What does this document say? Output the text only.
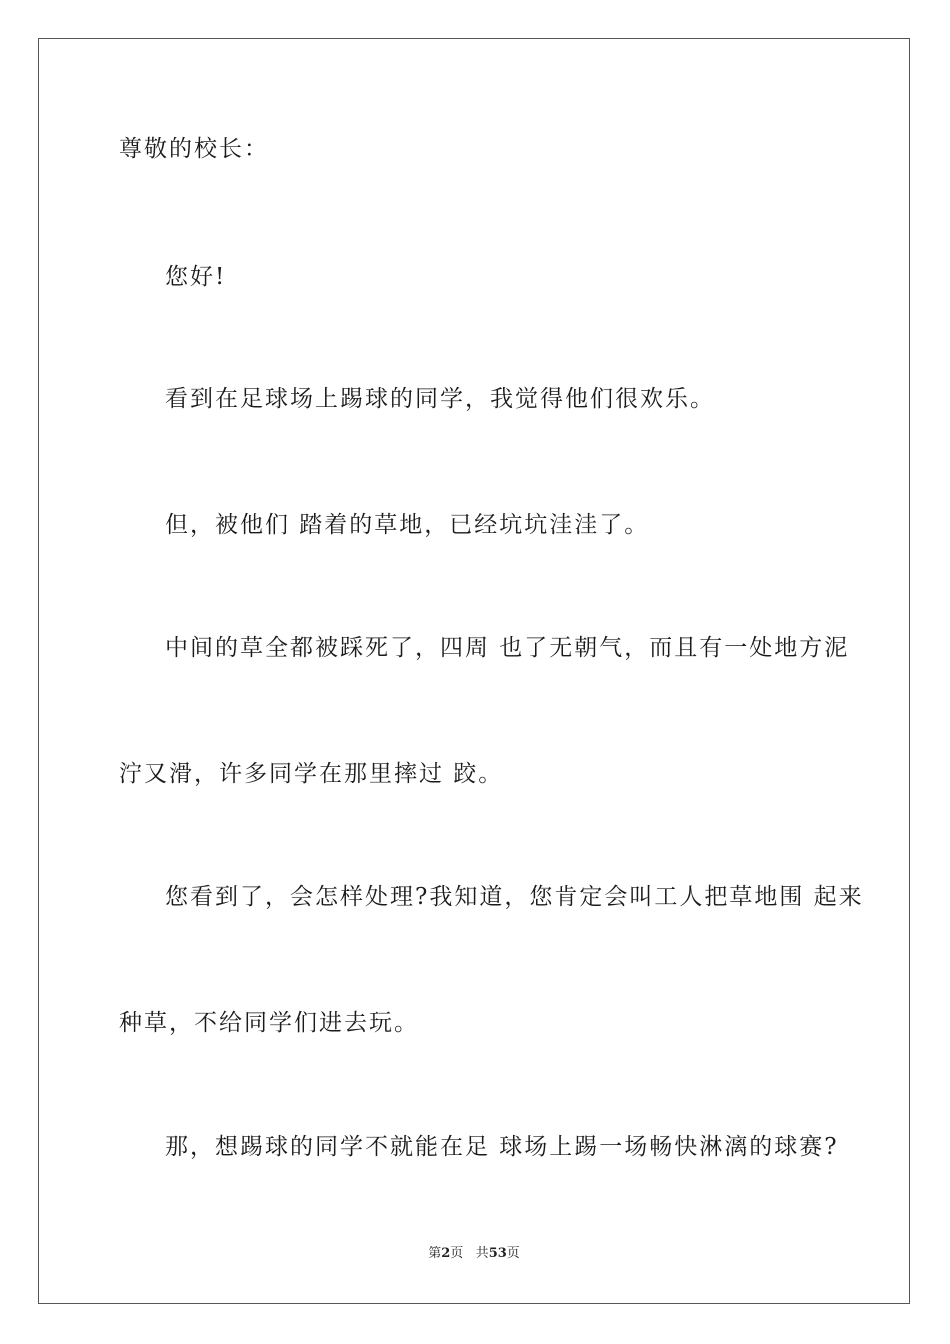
尊敬的校长：
您好!
看到在足球场上踢球的同学，我觉得他们很欢乐。
但，被他们 踏着的草地，已经坑坑洼洼了。
中间的草全都被踩死了，四周 也了无朝气，而且有一处地方泥
泞又滑，许多同学在那里摔过 跤。
您看到了，会怎样处理?我知道，您肯定会叫工人把草地围 起来
种草，不给同学们进去玩。
那，想踢球的同学不就能在足 球场上踢一场畅快淋漓的球赛?
第2页 共53页
